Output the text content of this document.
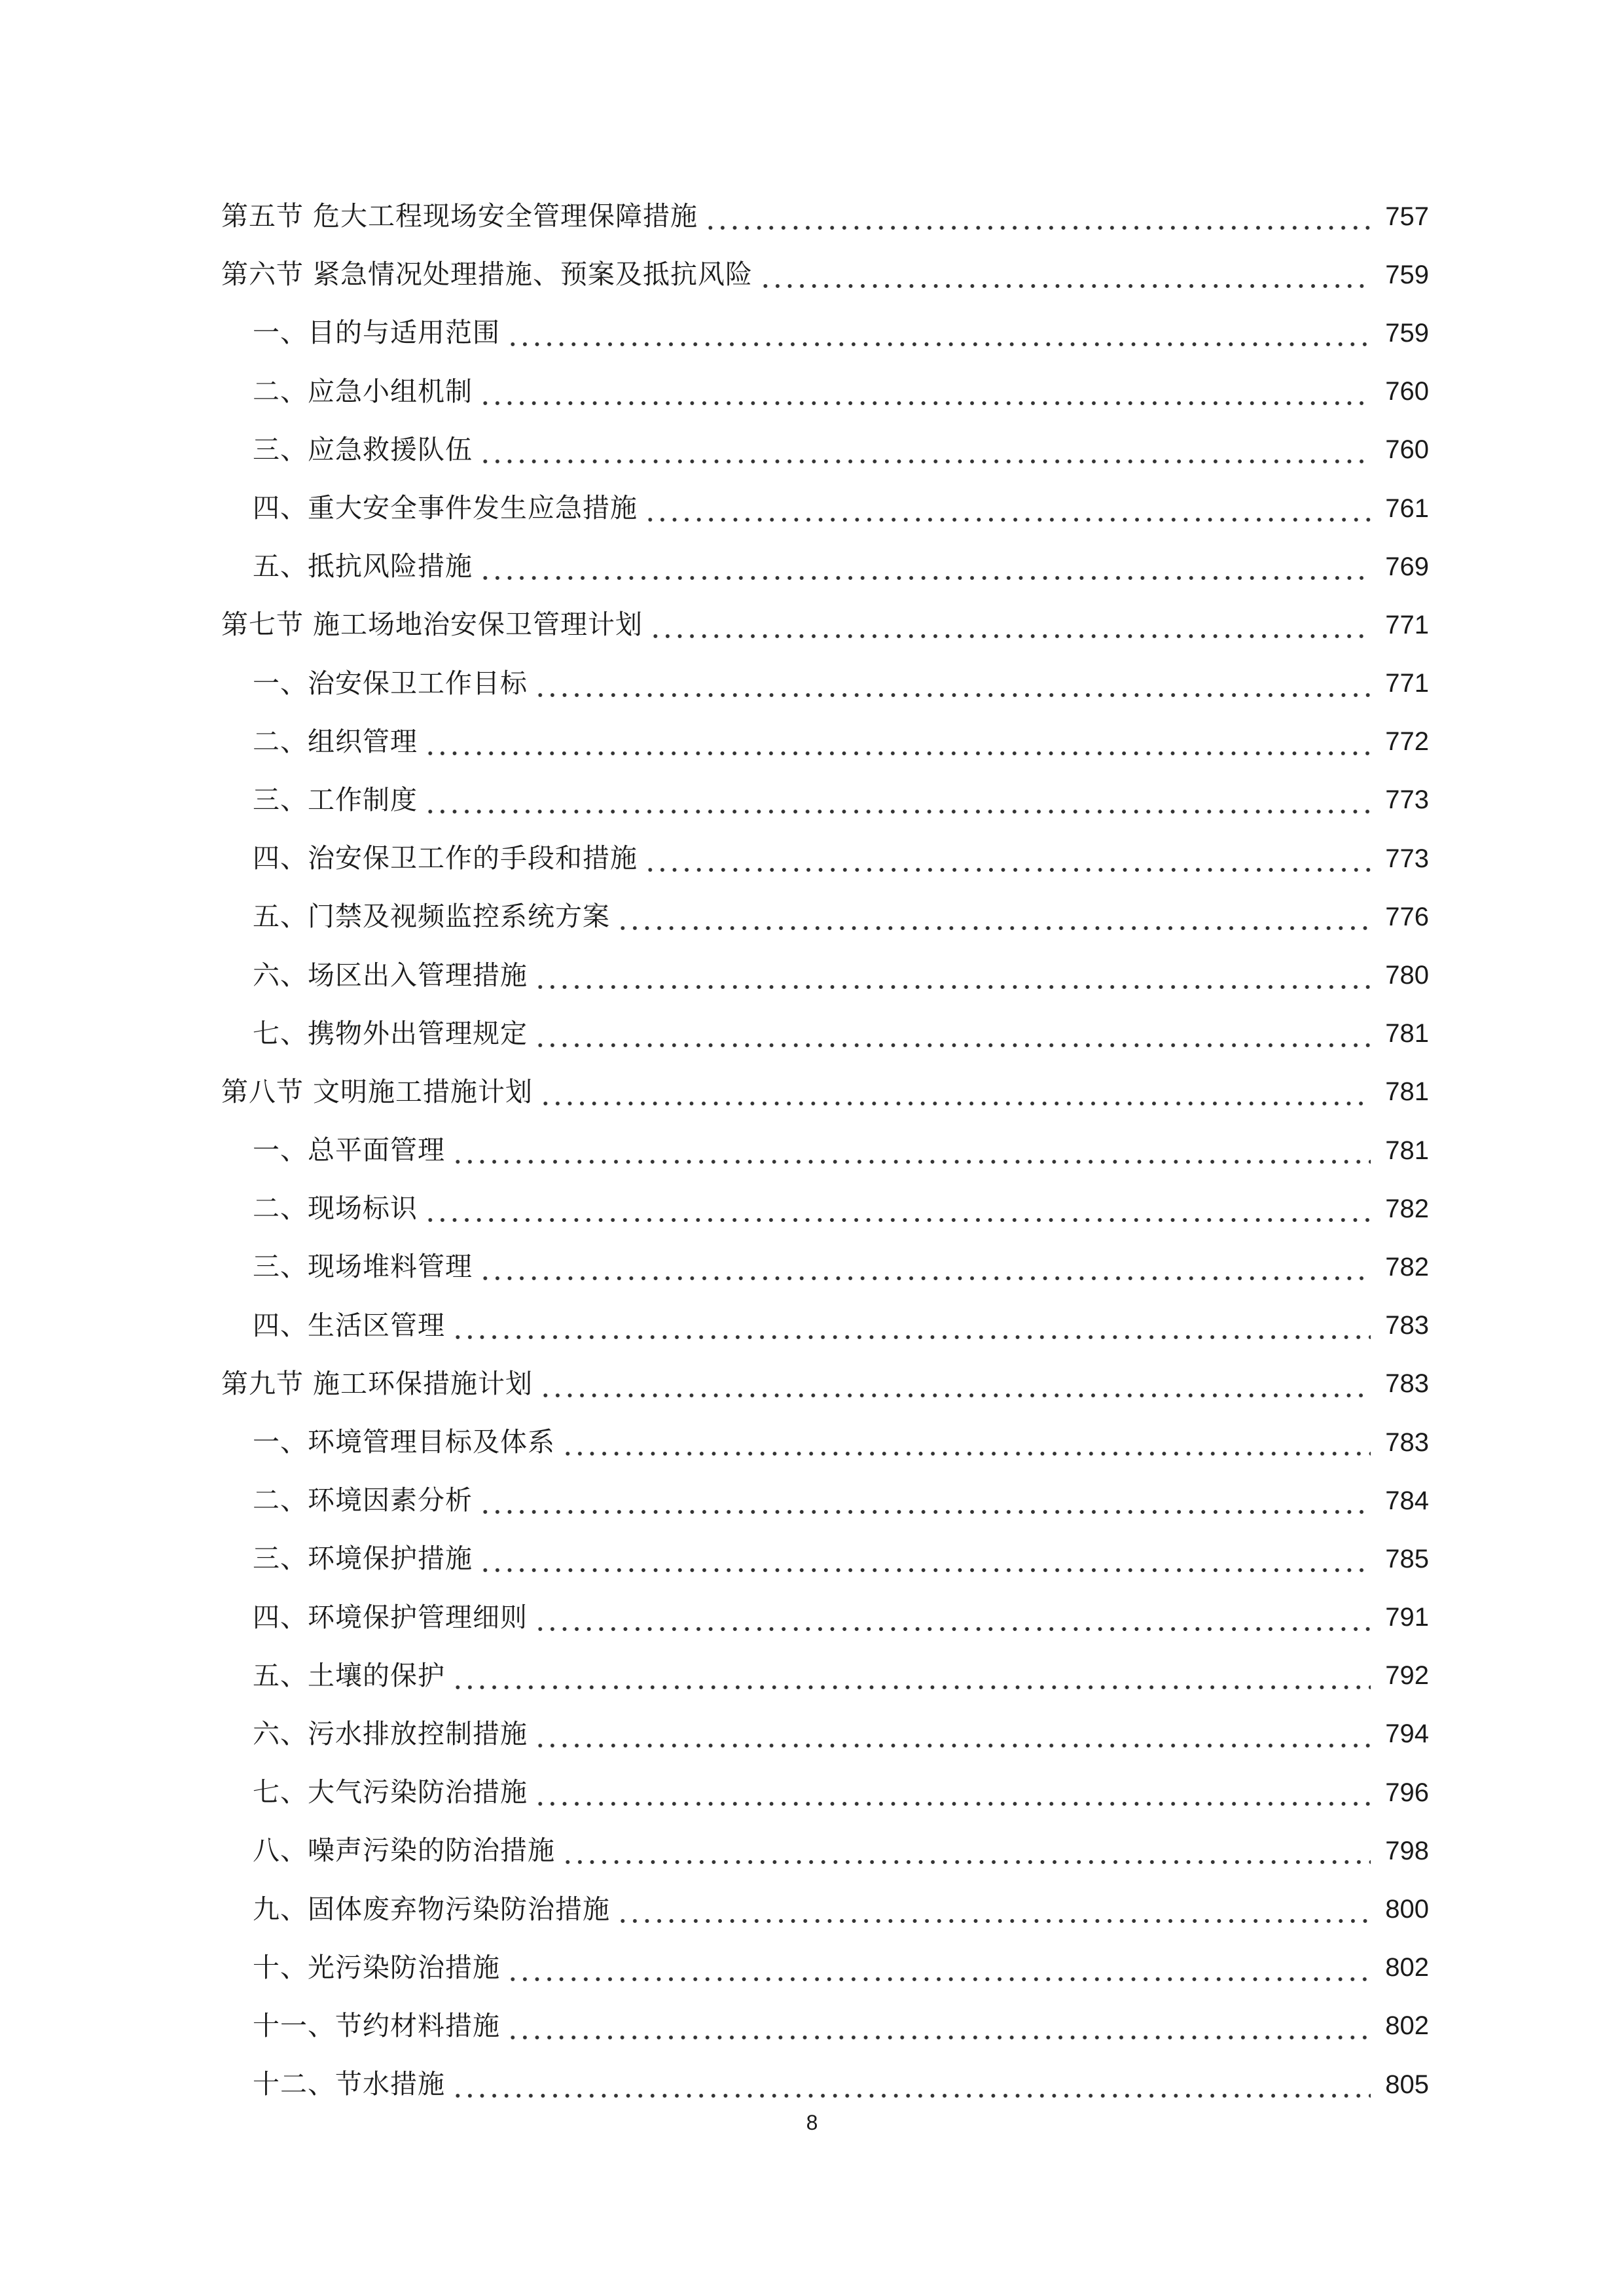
第五节 危大工程现场安全管理保障措施	757
第六节 紧急情况处理措施、预案及抵抗风险	759
一、目的与适用范围	759
二、应急小组机制	760
三、应急救援队伍	760
四、重大安全事件发生应急措施	761
五、抵抗风险措施	769
第七节 施工场地治安保卫管理计划	771
一、治安保卫工作目标	771
二、组织管理	772
三、工作制度	773
四、治安保卫工作的手段和措施	773
五、门禁及视频监控系统方案	776
六、场区出入管理措施	780
七、携物外出管理规定	781
第八节 文明施工措施计划	781
一、总平面管理	781
二、现场标识	782
三、现场堆料管理	782
四、生活区管理	783
第九节 施工环保措施计划	783
一、环境管理目标及体系	783
二、环境因素分析	784
三、环境保护措施	785
四、环境保护管理细则	791
五、土壤的保护	792
六、污水排放控制措施	794
七、大气污染防治措施	796
八、噪声污染的防治措施	798
九、固体废弃物污染防治措施	800
十、光污染防治措施	802
十一、节约材料措施	802
十二、节水措施	805
8
